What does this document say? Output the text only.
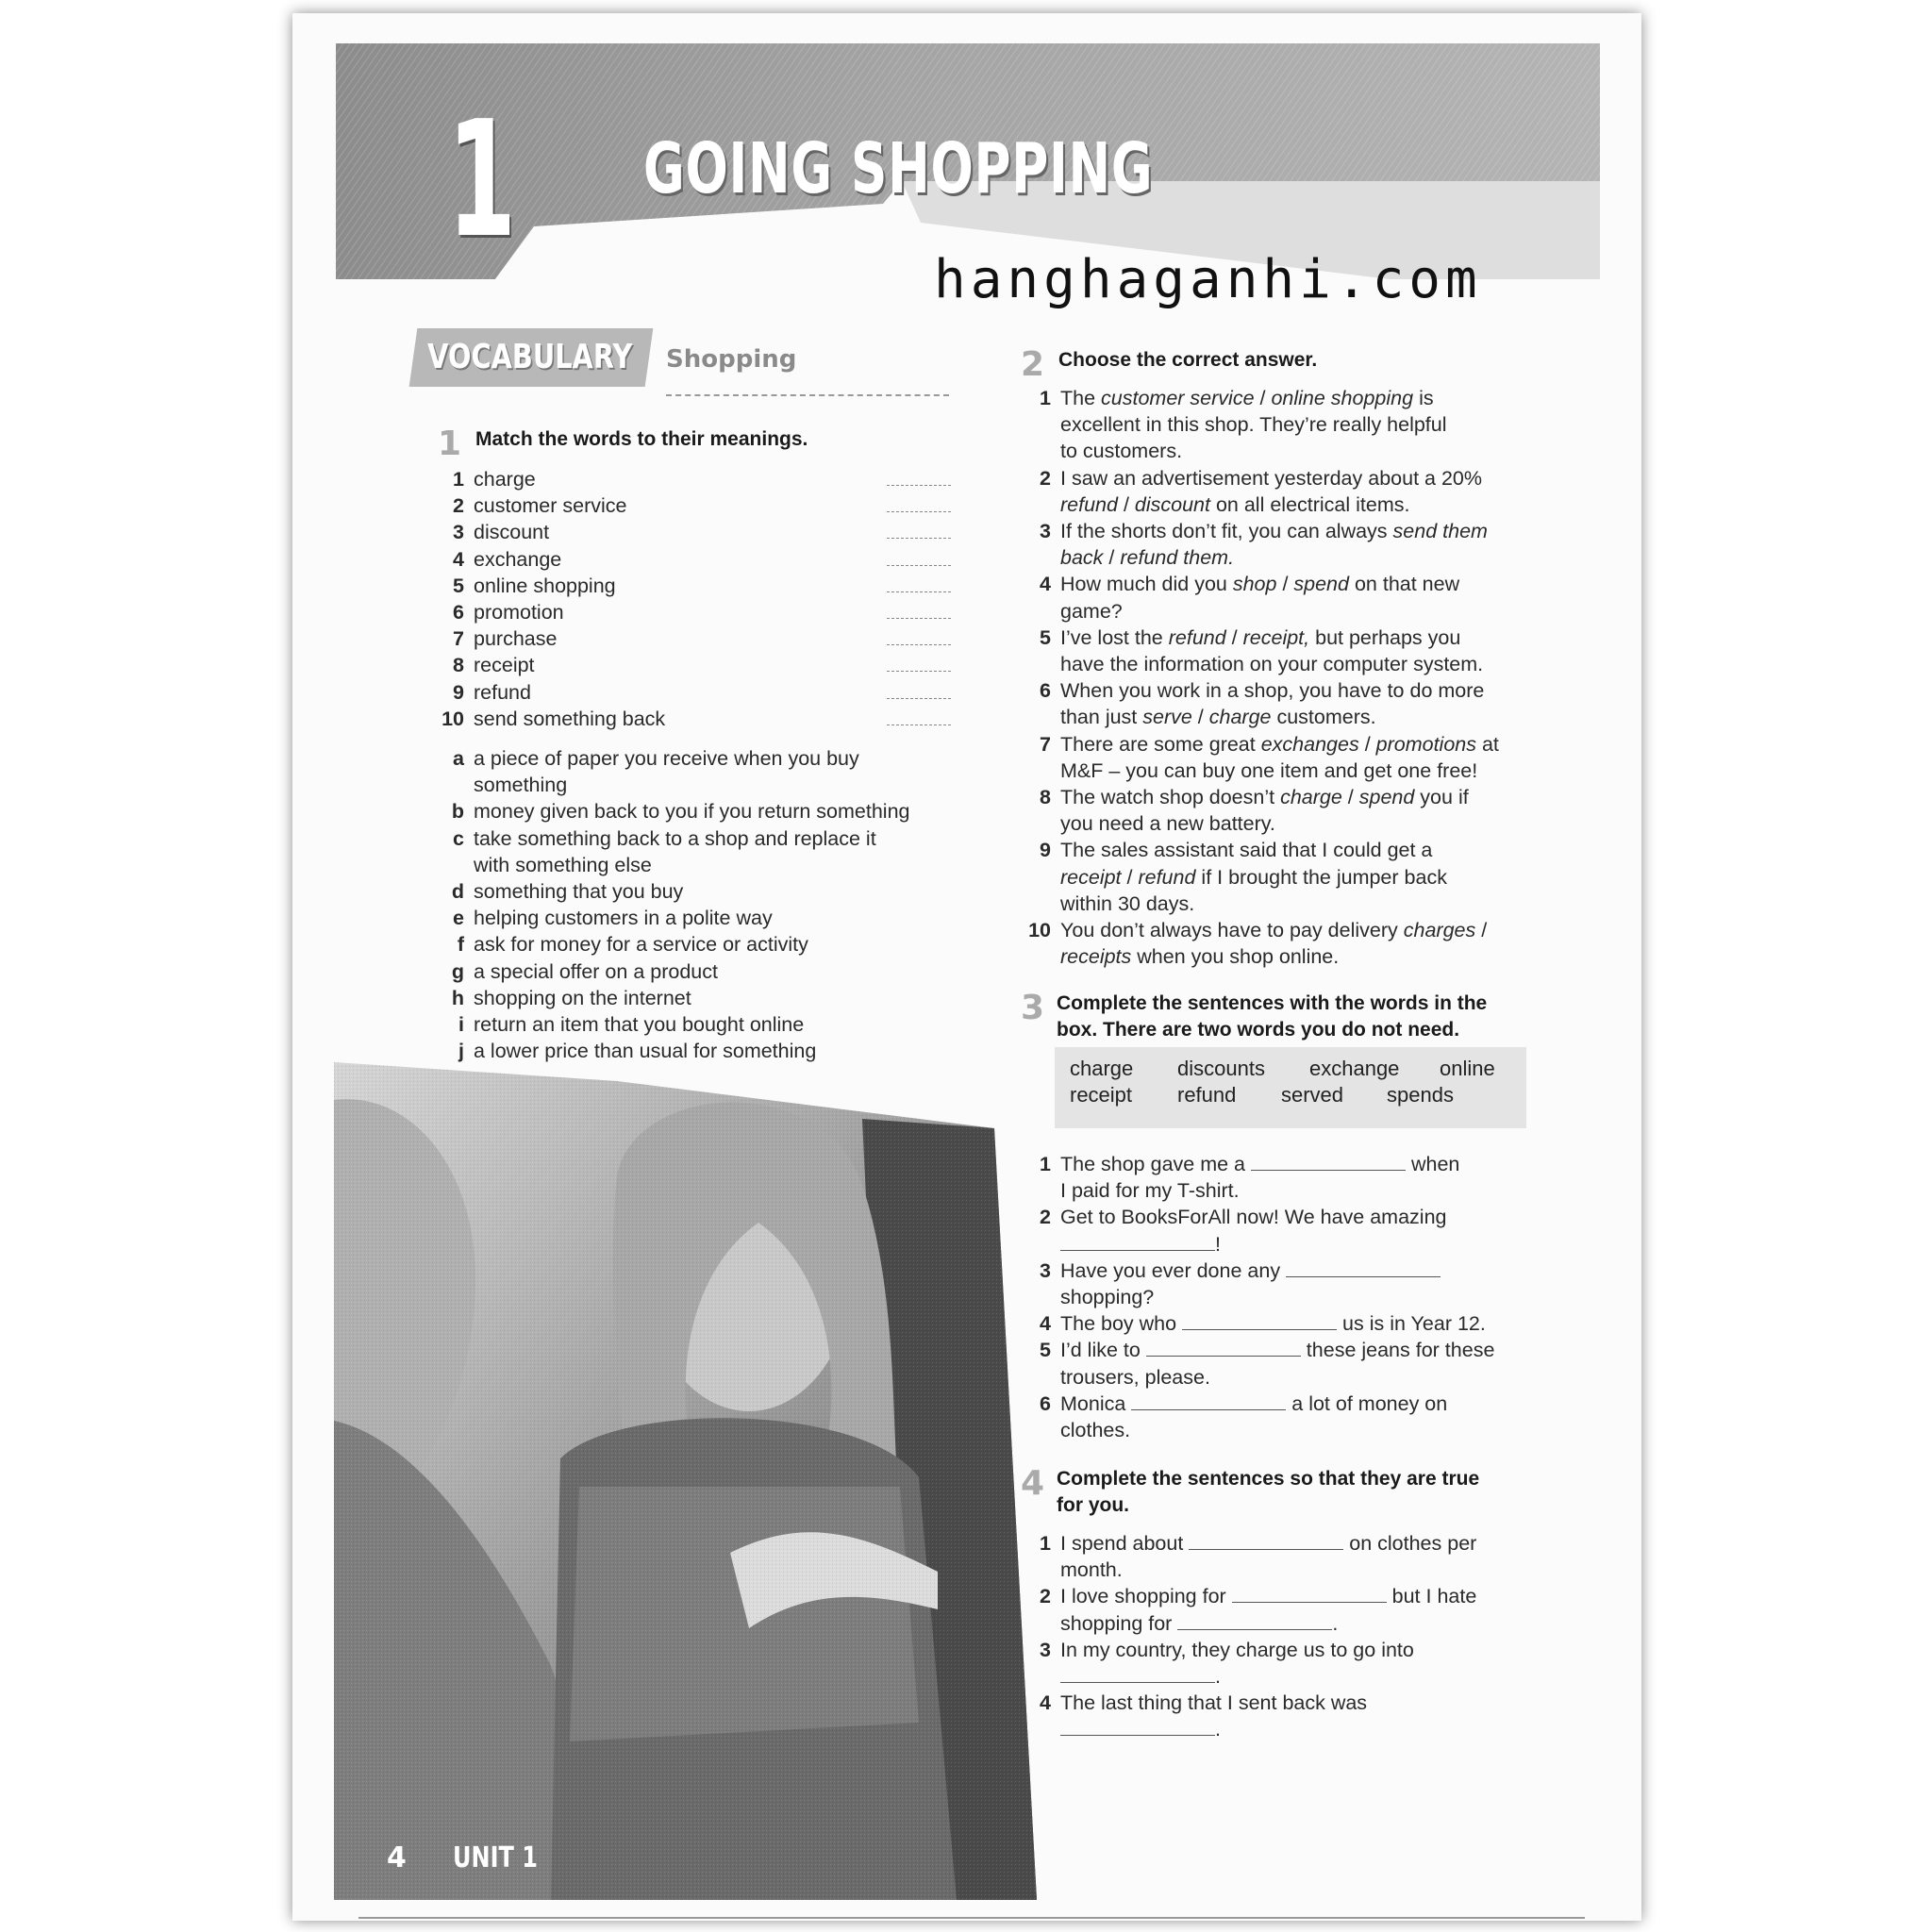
1 GOING SHOPPING
hanghaganhi.com
VOCABULARY Shopping
1 Match the words to their meanings.
1 charge
2 customer service
3 discount
4 exchange
5 online shopping
6 promotion
7 purchase
8 receipt
9 refund
10 send something back
a a piece of paper you receive when you buy
something
b money given back to you if you return something
c take something back to a shop and replace it
with something else
d something that you buy
e helping customers in a polite way
f ask for money for a service or activity
g a special offer on a product
h shopping on the internet
i return an item that you bought online
j a lower price than usual for something
4 UNIT 1
2 Choose the correct answer.
1 The customer service / online shopping is
excellent in this shop. They’re really helpful
to customers.
2 I saw an advertisement yesterday about a 20%
refund / discount on all electrical items.
3 If the shorts don’t fit, you can always send them
back / refund them.
4 How much did you shop / spend on that new
game?
5 I’ve lost the refund / receipt, but perhaps you
have the information on your computer system.
6 When you work in a shop, you have to do more
than just serve / charge customers.
7 There are some great exchanges / promotions at
M&F – you can buy one item and get one free!
8 The watch shop doesn’t charge / spend you if
you need a new battery.
9 The sales assistant said that I could get a
receipt / refund if I brought the jumper back
within 30 days.
10 You don’t always have to pay delivery charges /
receipts when you shop online.
3 Complete the sentences with the words in the
box. There are two words you do not need.
charge discounts exchange online
receipt refund served spends
1 The shop gave me a	when
I paid for my T-shirt.
2 Get to BooksForAll now! We have amazing
!
3 Have you ever done any
shopping?
4 The boy who	us is in Year 12.
5 I’d like to	these jeans for these
trousers, please.
6 Monica	a lot of money on
clothes.
4 Complete the sentences so that they are true
for you.
1 I spend about	on clothes per
month.
2 I love shopping for	but I hate
shopping for	.
3 In my country, they charge us to go into
.
4 The last thing that I sent back was
.
